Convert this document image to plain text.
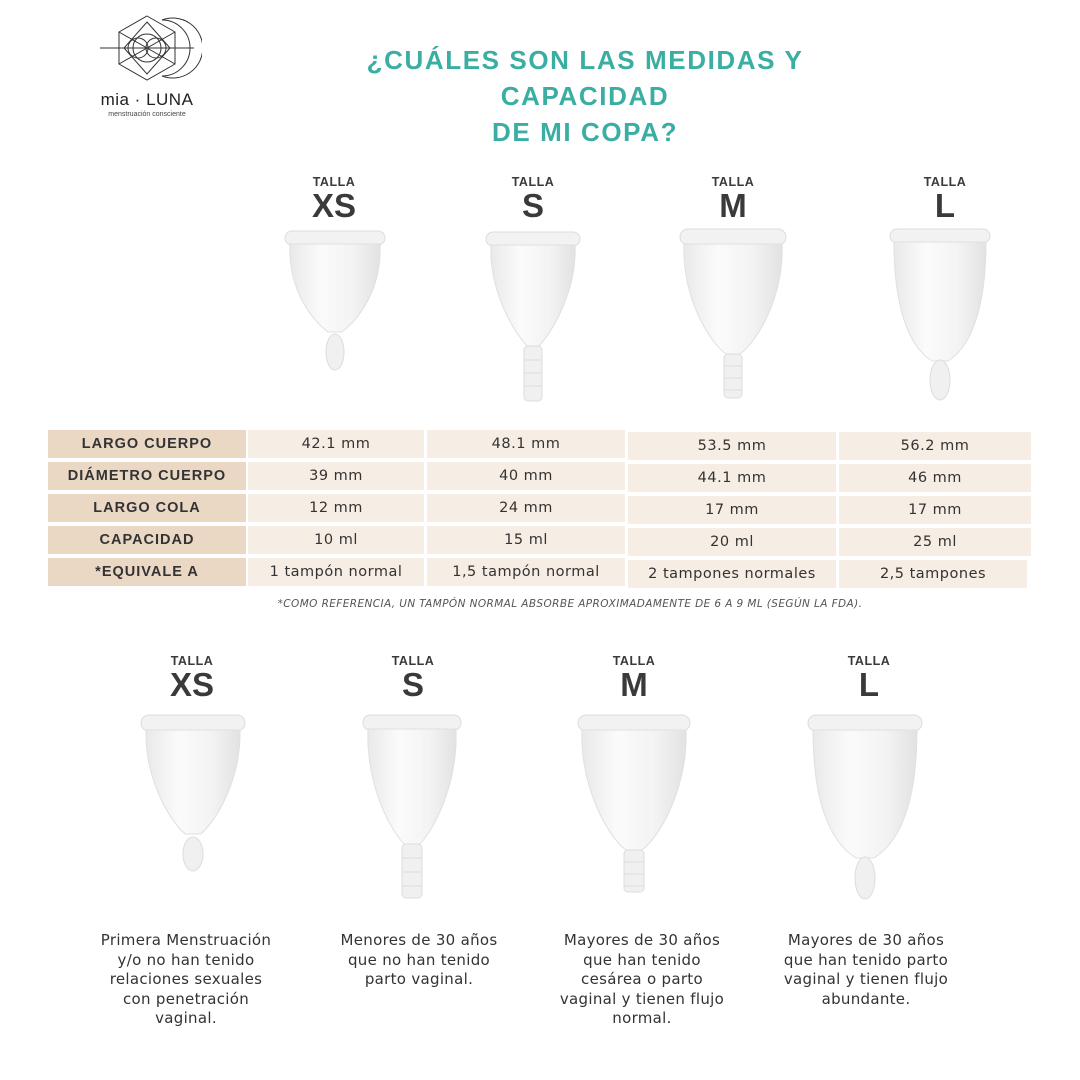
mia · LUNA
menstruación consciente
¿CUÁLES SON LAS MEDIDAS Y CAPACIDAD
DE MI COPA?
TALLA
XS
TALLA
S
TALLA
M
TALLA
L
LARGO CUERPO	42.1 mm	48.1 mm	53.5 mm	56.2 mm
DIÁMETRO CUERPO	39 mm	40 mm	44.1 mm	46 mm
LARGO COLA	12 mm	24 mm	17 mm	17 mm
CAPACIDAD	10 ml	15 ml	20 ml	25 ml
*EQUIVALE A	1 tampón normal	1,5 tampón normal	2 tampones normales	2,5 tampones
*COMO REFERENCIA, UN TAMPÓN NORMAL ABSORBE APROXIMADAMENTE DE 6 A 9 ML (SEGÚN LA FDA).
TALLA
XS
TALLA
S
TALLA
M
TALLA
L
Primera Menstruación
y/o no han tenido
relaciones sexuales
con penetración
vaginal.
Menores de 30 años
que no han tenido
parto vaginal.
Mayores de 30 años
que han tenido
cesárea o parto
vaginal y tienen flujo
normal.
Mayores de 30 años
que han tenido parto
vaginal y tienen flujo
abundante.
